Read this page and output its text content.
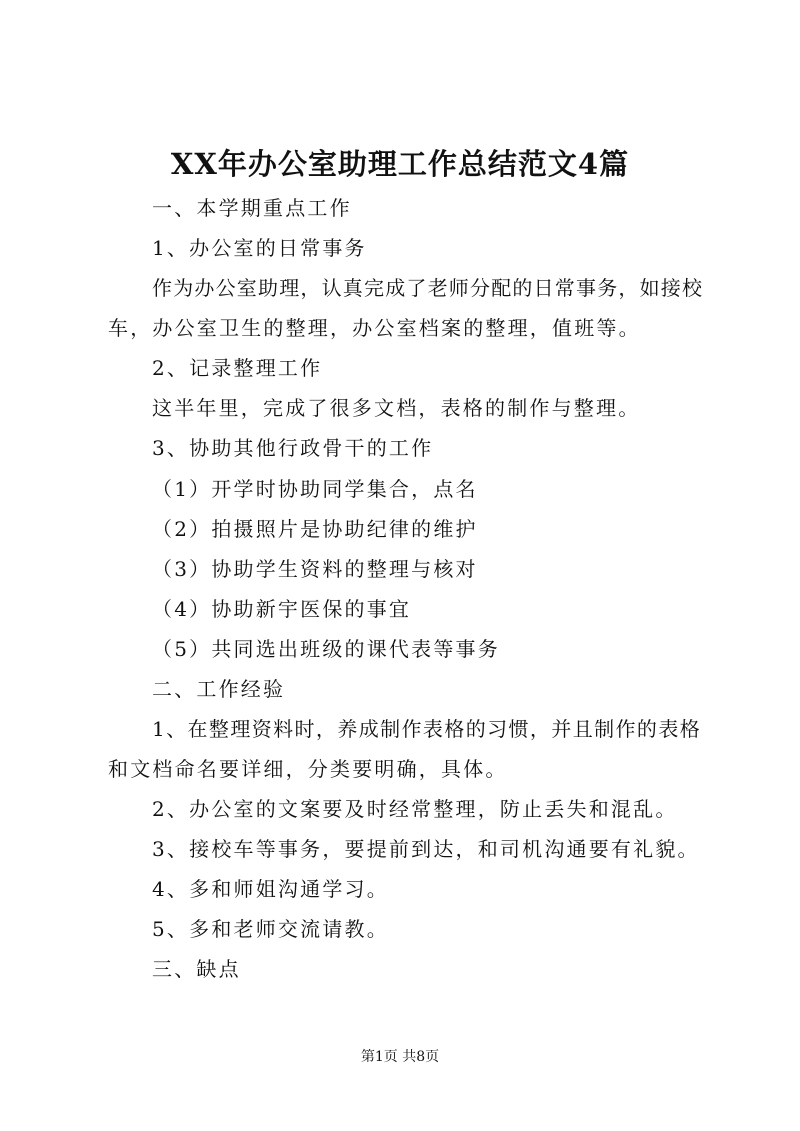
XX年办公室助理工作总结范文4篇
一、本学期重点工作
1、办公室的日常事务
作为办公室助理，认真完成了老师分配的日常事务，如接校
车，办公室卫生的整理，办公室档案的整理，值班等。
2、记录整理工作
这半年里，完成了很多文档，表格的制作与整理。
3、协助其他行政骨干的工作
（1）开学时协助同学集合，点名
（2）拍摄照片是协助纪律的维护
（3）协助学生资料的整理与核对
（4）协助新宇医保的事宜
（5）共同选出班级的课代表等事务
二、工作经验
1、在整理资料时，养成制作表格的习惯，并且制作的表格
和文档命名要详细，分类要明确，具体。
2、办公室的文案要及时经常整理，防止丢失和混乱。
3、接校车等事务，要提前到达，和司机沟通要有礼貌。
4、多和师姐沟通学习。
5、多和老师交流请教。
三、缺点
第1页 共8页
